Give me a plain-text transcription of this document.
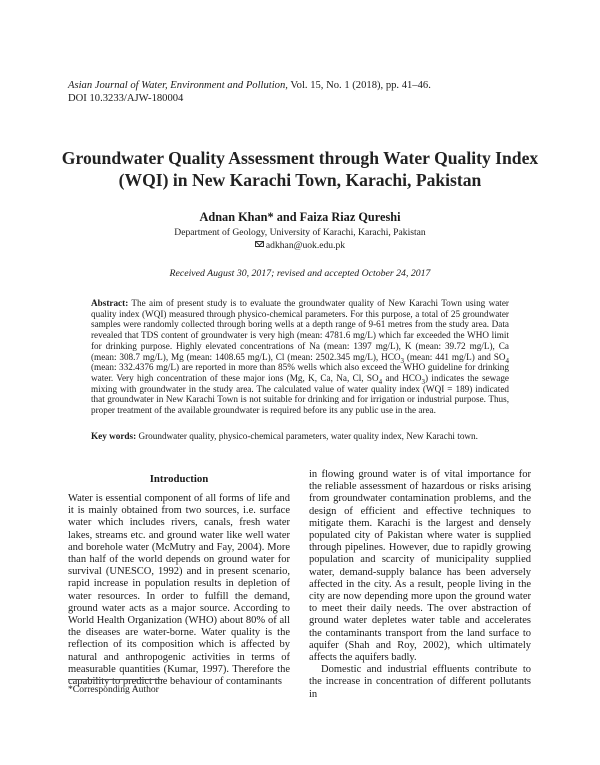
Asian Journal of Water, Environment and Pollution, Vol. 15, No. 1 (2018), pp. 41–46.
DOI 10.3233/AJW-180004
Groundwater Quality Assessment through Water Quality Index (WQI) in New Karachi Town, Karachi, Pakistan
Adnan Khan* and Faiza Riaz Qureshi
Department of Geology, University of Karachi, Karachi, Pakistan
adkhan@uok.edu.pk
Received August 30, 2017; revised and accepted October 24, 2017
Abstract: The aim of present study is to evaluate the groundwater quality of New Karachi Town using water quality index (WQI) measured through physico-chemical parameters. For this purpose, a total of 25 groundwater samples were randomly collected through boring wells at a depth range of 9-61 metres from the study area. Data revealed that TDS content of groundwater is very high (mean: 4781.6 mg/L) which far exceeded the WHO limit for drinking purpose. Highly elevated concentrations of Na (mean: 1397 mg/L), K (mean: 39.72 mg/L), Ca (mean: 308.7 mg/L), Mg (mean: 1408.65 mg/L), Cl (mean: 2502.345 mg/L), $HCO_3$ (mean: 441 mg/L) and $SO_4$ (mean: 332.4376 mg/L) are reported in more than 85% wells which also exceed the WHO guideline for drinking water. Very high concentration of these major ions (Mg, K, Ca, Na, Cl, $SO_4$ and $HCO_3$) indicates the sewage mixing with groundwater in the study area. The calculated value of water quality index (WQI = 189) indicated that groundwater in New Karachi Town is not suitable for drinking and for irrigation or industrial purpose. Thus, proper treatment of the available groundwater is required before its any public use in the area.
Key words: Groundwater quality, physico-chemical parameters, water quality index, New Karachi town.
Introduction

Water is essential component of all forms of life and it is mainly obtained from two sources, i.e. surface water which includes rivers, canals, fresh water lakes, streams etc. and ground water like well water and borehole water (McMutry and Fay, 2004). More than half of the world depends on ground water for survival (UNESCO, 1992) and in present scenario, rapid increase in population results in depletion of water resources. In order to fulfill the demand, ground water acts as a major source. According to World Health Organization (WHO) about 80% of all the diseases are water-borne. Water quality is the reflection of its composition which is affected by natural and anthropogenic activities in terms of measurable quantities (Kumar, 1997). Therefore the capability to predict the behaviour of contaminants

in flowing ground water is of vital importance for the reliable assessment of hazardous or risks arising from groundwater contamination problems, and the design of efficient and effective techniques to mitigate them. Karachi is the largest and densely populated city of Pakistan where water is supplied through pipelines. However, due to rapidly growing population and scarcity of municipality supplied water, demand-supply balance has been adversely affected in the city. As a result, people living in the city are now depending more upon the ground water to meet their daily needs. The over abstraction of ground water depletes water table and accelerates the contaminants transport from the land surface to aquifer (Shah and Roy, 2002), which ultimately affects the aquifers badly.

Domestic and industrial effluents contribute to the increase in concentration of different pollutants in

*Corresponding Author
